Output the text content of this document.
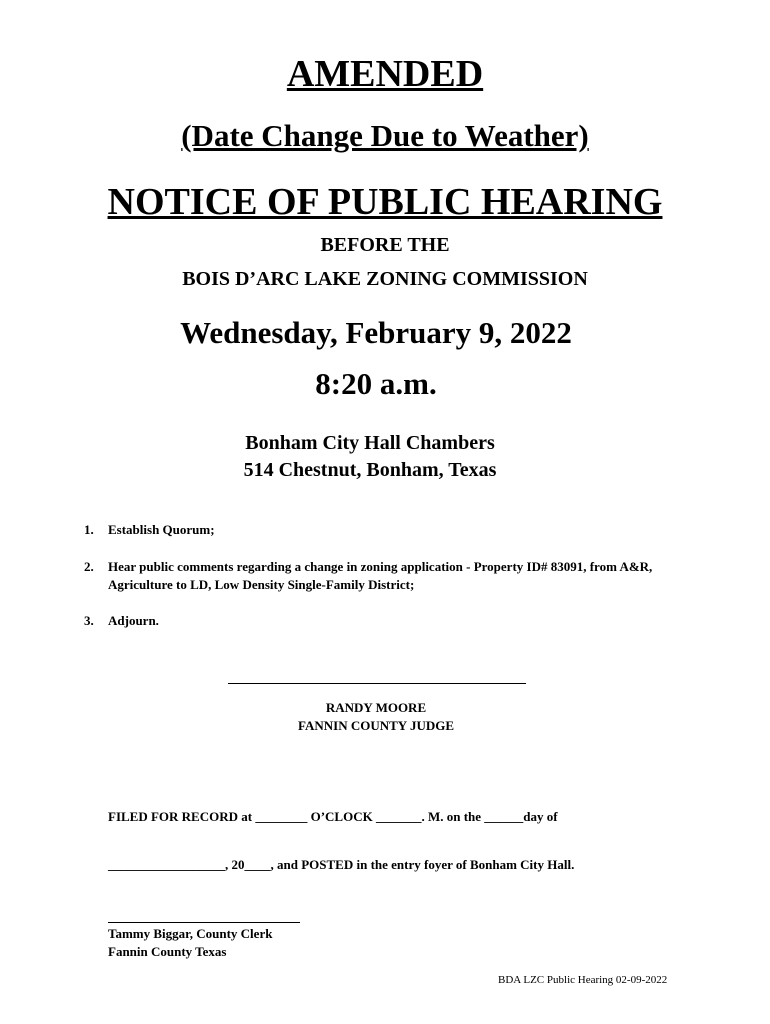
AMENDED
(Date Change Due to Weather)
NOTICE OF PUBLIC HEARING
BEFORE THE
BOIS D’ARC LAKE ZONING COMMISSION
Wednesday, February 9, 2022
8:20 a.m.
Bonham City Hall Chambers
514 Chestnut, Bonham, Texas
1. Establish Quorum;
2. Hear public comments regarding a change in zoning application - Property ID# 83091, from A&R, Agriculture to LD, Low Density Single-Family District;
3. Adjourn.
RANDY MOORE
FANNIN COUNTY JUDGE
FILED FOR RECORD at ________ O’CLOCK _______. M. on the ______day of
__________________, 20____, and POSTED in the entry foyer of Bonham City Hall.
Tammy Biggar, County Clerk
Fannin County Texas
BDA LZC Public Hearing 02-09-2022
